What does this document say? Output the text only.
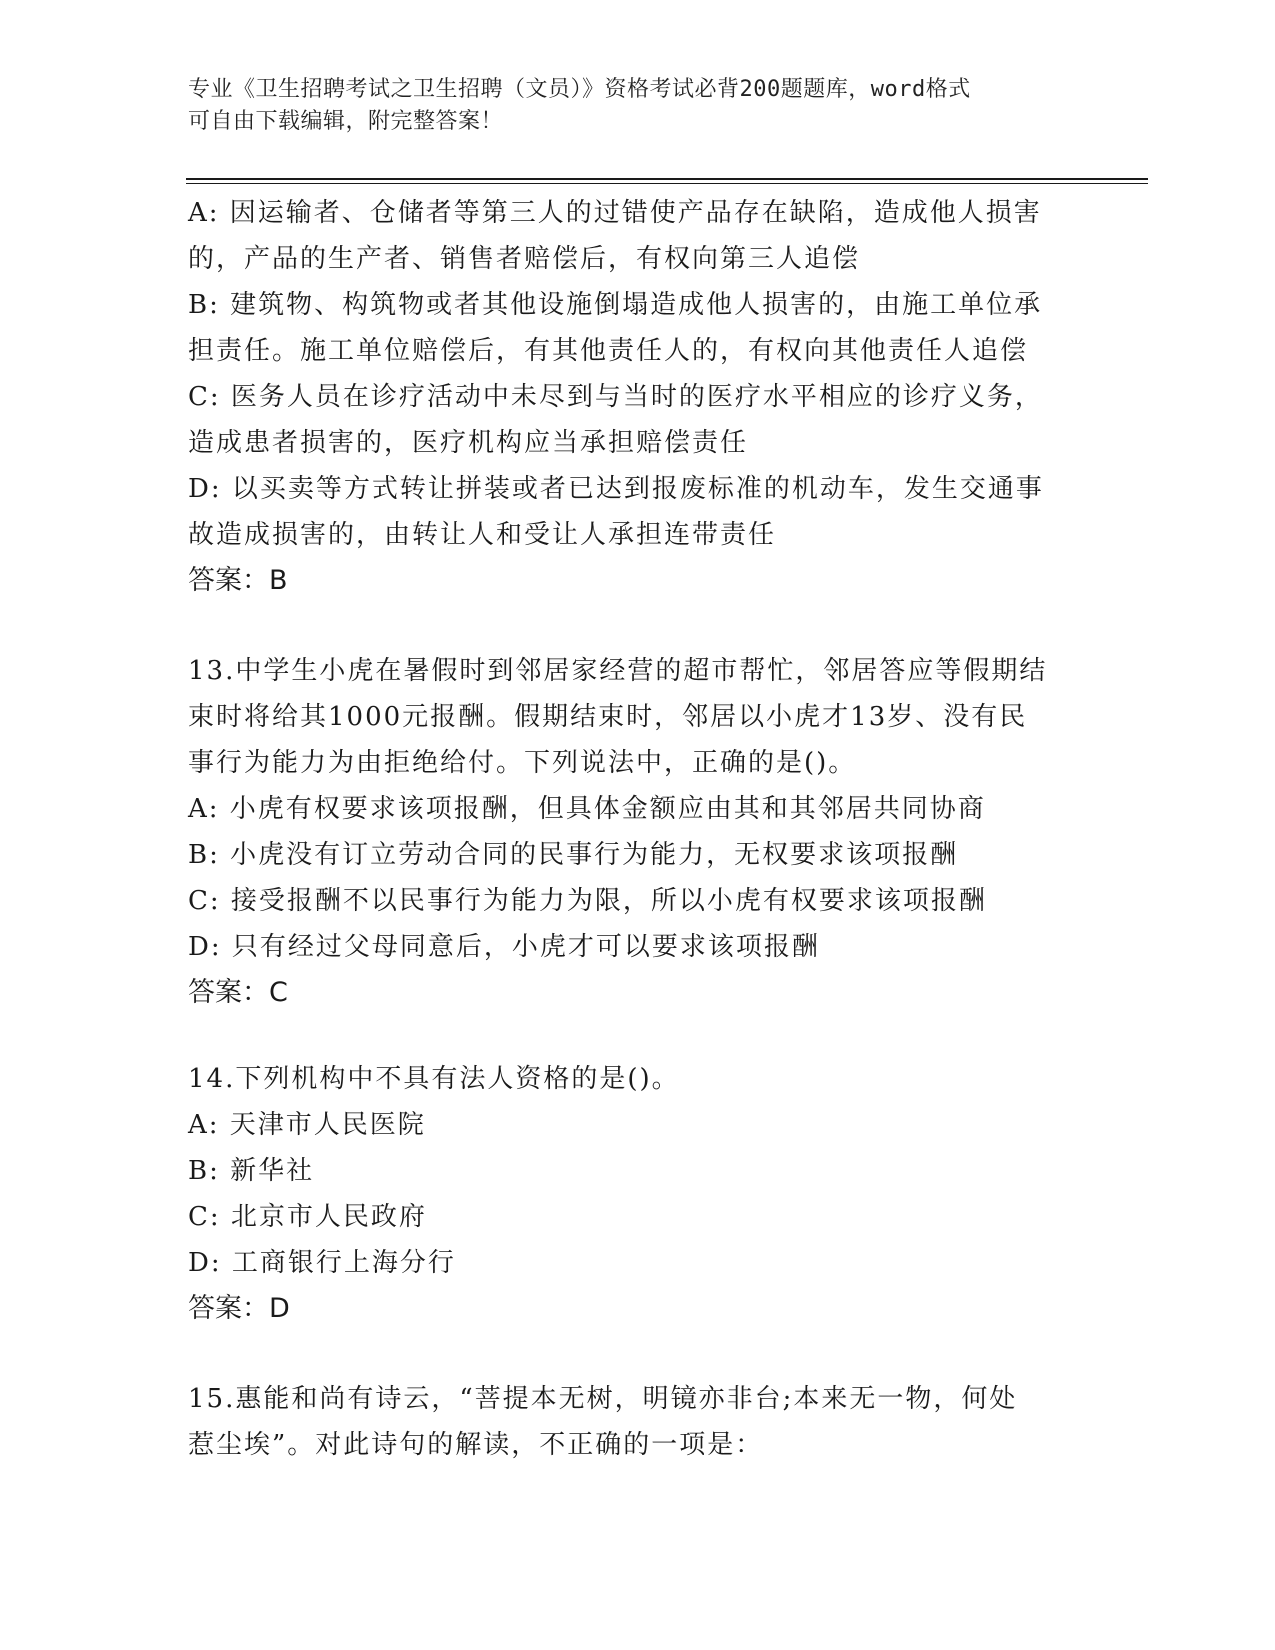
专业《卫生招聘考试之卫生招聘（文员）》资格考试必背200题题库，word格式
可自由下载编辑，附完整答案！
A: 因运输者、仓储者等第三人的过错使产品存在缺陷，造成他人损害
的，产品的生产者、销售者赔偿后，有权向第三人追偿
B: 建筑物、构筑物或者其他设施倒塌造成他人损害的，由施工单位承
担责任。施工单位赔偿后，有其他责任人的，有权向其他责任人追偿
C: 医务人员在诊疗活动中未尽到与当时的医疗水平相应的诊疗义务，
造成患者损害的，医疗机构应当承担赔偿责任
D: 以买卖等方式转让拼装或者已达到报废标准的机动车，发生交通事
故造成损害的，由转让人和受让人承担连带责任
答案：B
13.中学生小虎在暑假时到邻居家经营的超市帮忙，邻居答应等假期结
束时将给其1000元报酬。假期结束时，邻居以小虎才13岁、没有民
事行为能力为由拒绝给付。下列说法中，正确的是()。
A: 小虎有权要求该项报酬，但具体金额应由其和其邻居共同协商
B: 小虎没有订立劳动合同的民事行为能力，无权要求该项报酬
C: 接受报酬不以民事行为能力为限，所以小虎有权要求该项报酬
D: 只有经过父母同意后，小虎才可以要求该项报酬
答案：C
14.下列机构中不具有法人资格的是()。
A: 天津市人民医院
B: 新华社
C: 北京市人民政府
D: 工商银行上海分行
答案：D
15.惠能和尚有诗云，“菩提本无树，明镜亦非台;本来无一物，何处
惹尘埃”。对此诗句的解读，不正确的一项是：
